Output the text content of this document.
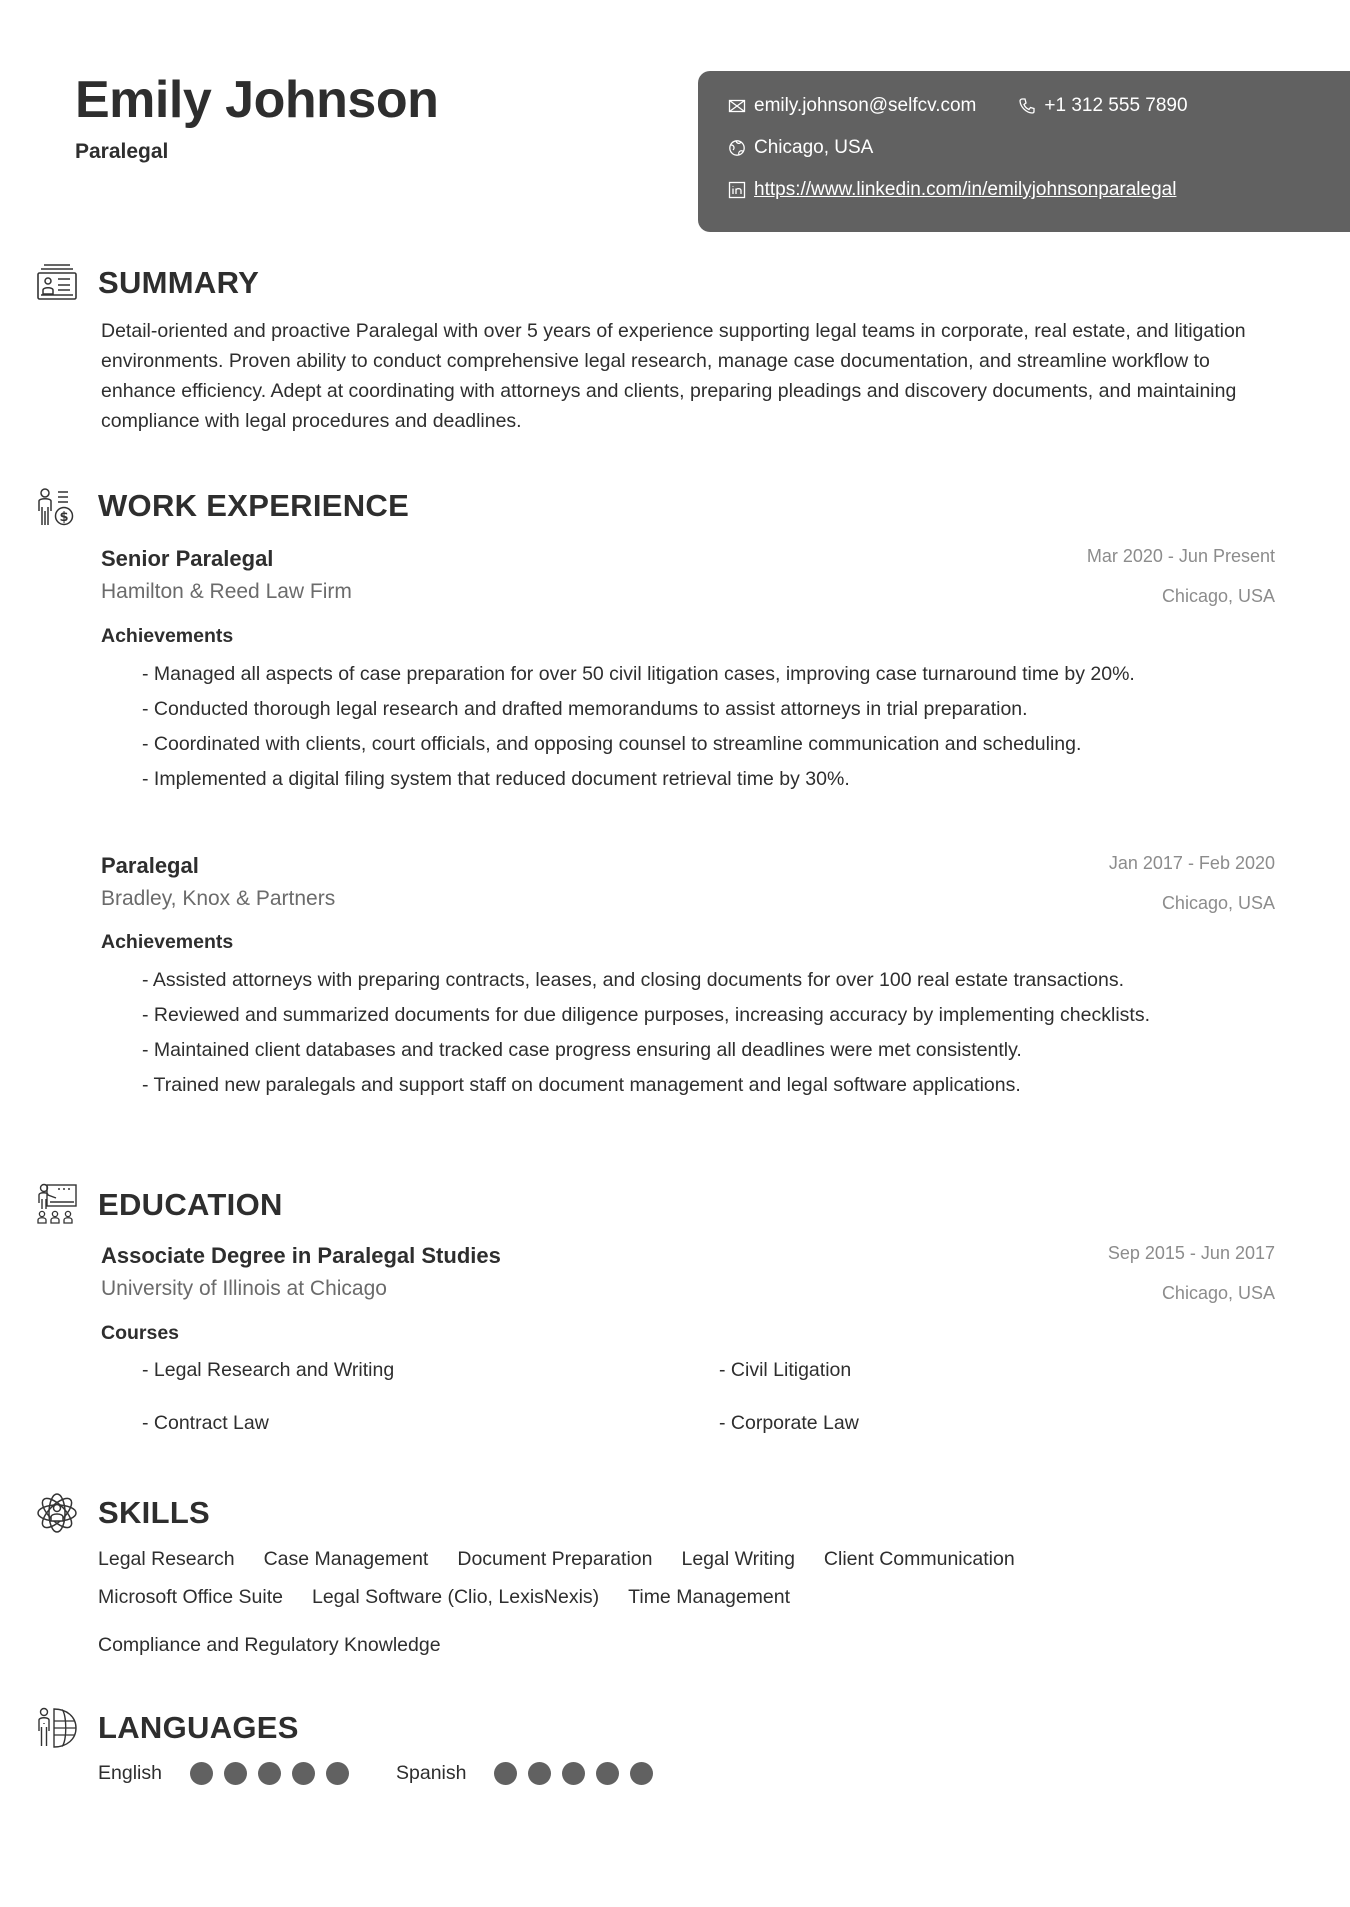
Emily Johnson
Paralegal
emily.johnson@selfcv.com	+1 312 555 7890
Chicago, USA
https://www.linkedin.com/in/emilyjohnsonparalegal
SUMMARY

Detail-oriented and proactive Paralegal with over 5 years of experience supporting legal teams in corporate, real estate, and litigation environments. Proven ability to conduct comprehensive legal research, manage case documentation, and streamline workflow to enhance efficiency. Adept at coordinating with attorneys and clients, preparing pleadings and discovery documents, and maintaining compliance with legal procedures and deadlines.

$ WORK EXPERIENCE
Senior Paralegal
Hamilton & Reed Law Firm
Mar 2020 - Jun Present
Chicago, USA
Achievements
- Managed all aspects of case preparation for over 50 civil litigation cases, improving case turnaround time by 20%.
- Conducted thorough legal research and drafted memorandums to assist attorneys in trial preparation.
- Coordinated with clients, court officials, and opposing counsel to streamline communication and scheduling.
- Implemented a digital filing system that reduced document retrieval time by 30%.
Paralegal
Bradley, Knox & Partners
Jan 2017 - Feb 2020
Chicago, USA
Achievements
- Assisted attorneys with preparing contracts, leases, and closing documents for over 100 real estate transactions.
- Reviewed and summarized documents for due diligence purposes, increasing accuracy by implementing checklists.
- Maintained client databases and tracked case progress ensuring all deadlines were met consistently.
- Trained new paralegals and support staff on document management and legal software applications.
EDUCATION
Associate Degree in Paralegal Studies
University of Illinois at Chicago
Sep 2015 - Jun 2017
Chicago, USA
Courses
- Legal Research and Writing	- Civil Litigation
- Contract Law	- Corporate Law
SKILLS
Legal Research Case Management Document Preparation Legal Writing Client Communication
Microsoft Office Suite Legal Software (Clio, LexisNexis) Time Management
Compliance and Regulatory Knowledge
LANGUAGES
English	Spanish
